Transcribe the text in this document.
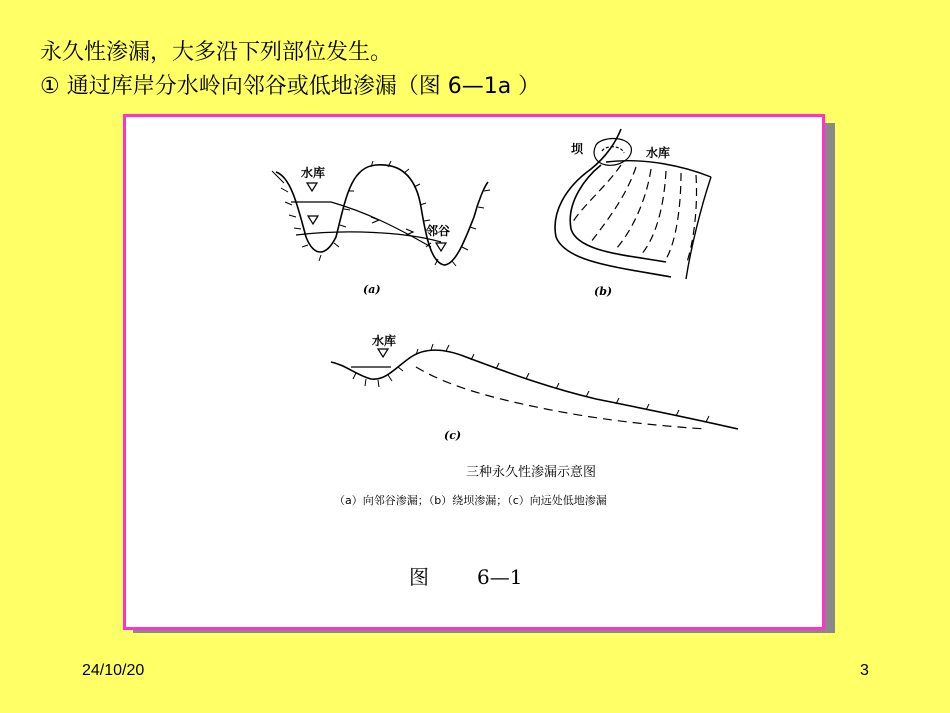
永久性渗漏，大多沿下列部位发生。
① 通过库岸分水岭向邻谷或低地渗漏（图 6—1a ）
水库
邻谷
(a)
坝	水库
(b)
水库
(c)
三种永久性渗漏示意图
（a）向邻谷渗漏；（b）绕坝渗漏；（c）向远处低地渗漏
图 6—1
24/10/20	3
